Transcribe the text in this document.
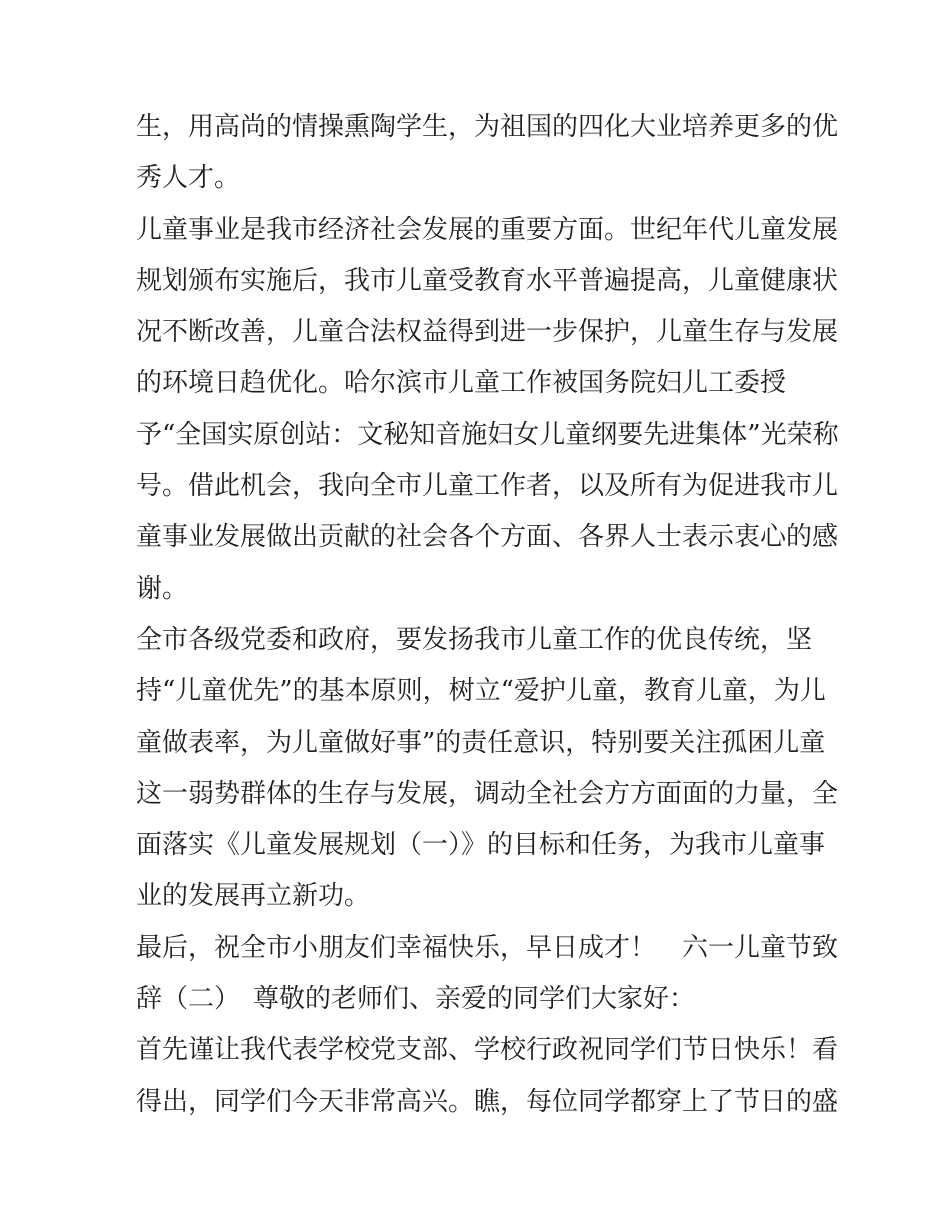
生，用高尚的情操熏陶学生，为祖国的四化大业培养更多的优
秀人才。
儿童事业是我市经济社会发展的重要方面。世纪年代儿童发展
规划颁布实施后，我市儿童受教育水平普遍提高，儿童健康状
况不断改善，儿童合法权益得到进一步保护，儿童生存与发展
的环境日趋优化。哈尔滨市儿童工作被国务院妇儿工委授
予“全国实原创站：文秘知音施妇女儿童纲要先进集体”光荣称
号。借此机会，我向全市儿童工作者，以及所有为促进我市儿
童事业发展做出贡献的社会各个方面、各界人士表示衷心的感
谢。
全市各级党委和政府，要发扬我市儿童工作的优良传统，坚
持“儿童优先”的基本原则，树立“爱护儿童，教育儿童，为儿
童做表率，为儿童做好事”的责任意识，特别要关注孤困儿童
这一弱势群体的生存与发展，调动全社会方方面面的力量，全
面落实《儿童发展规划（一）》的目标和任务，为我市儿童事
业的发展再立新功。
最后，祝全市小朋友们幸福快乐，早日成才！　六一儿童节致
辞（二）　尊敬的老师们、亲爱的同学们大家好：
首先谨让我代表学校党支部、学校行政祝同学们节日快乐！看
得出，同学们今天非常高兴。瞧，每位同学都穿上了节日的盛
